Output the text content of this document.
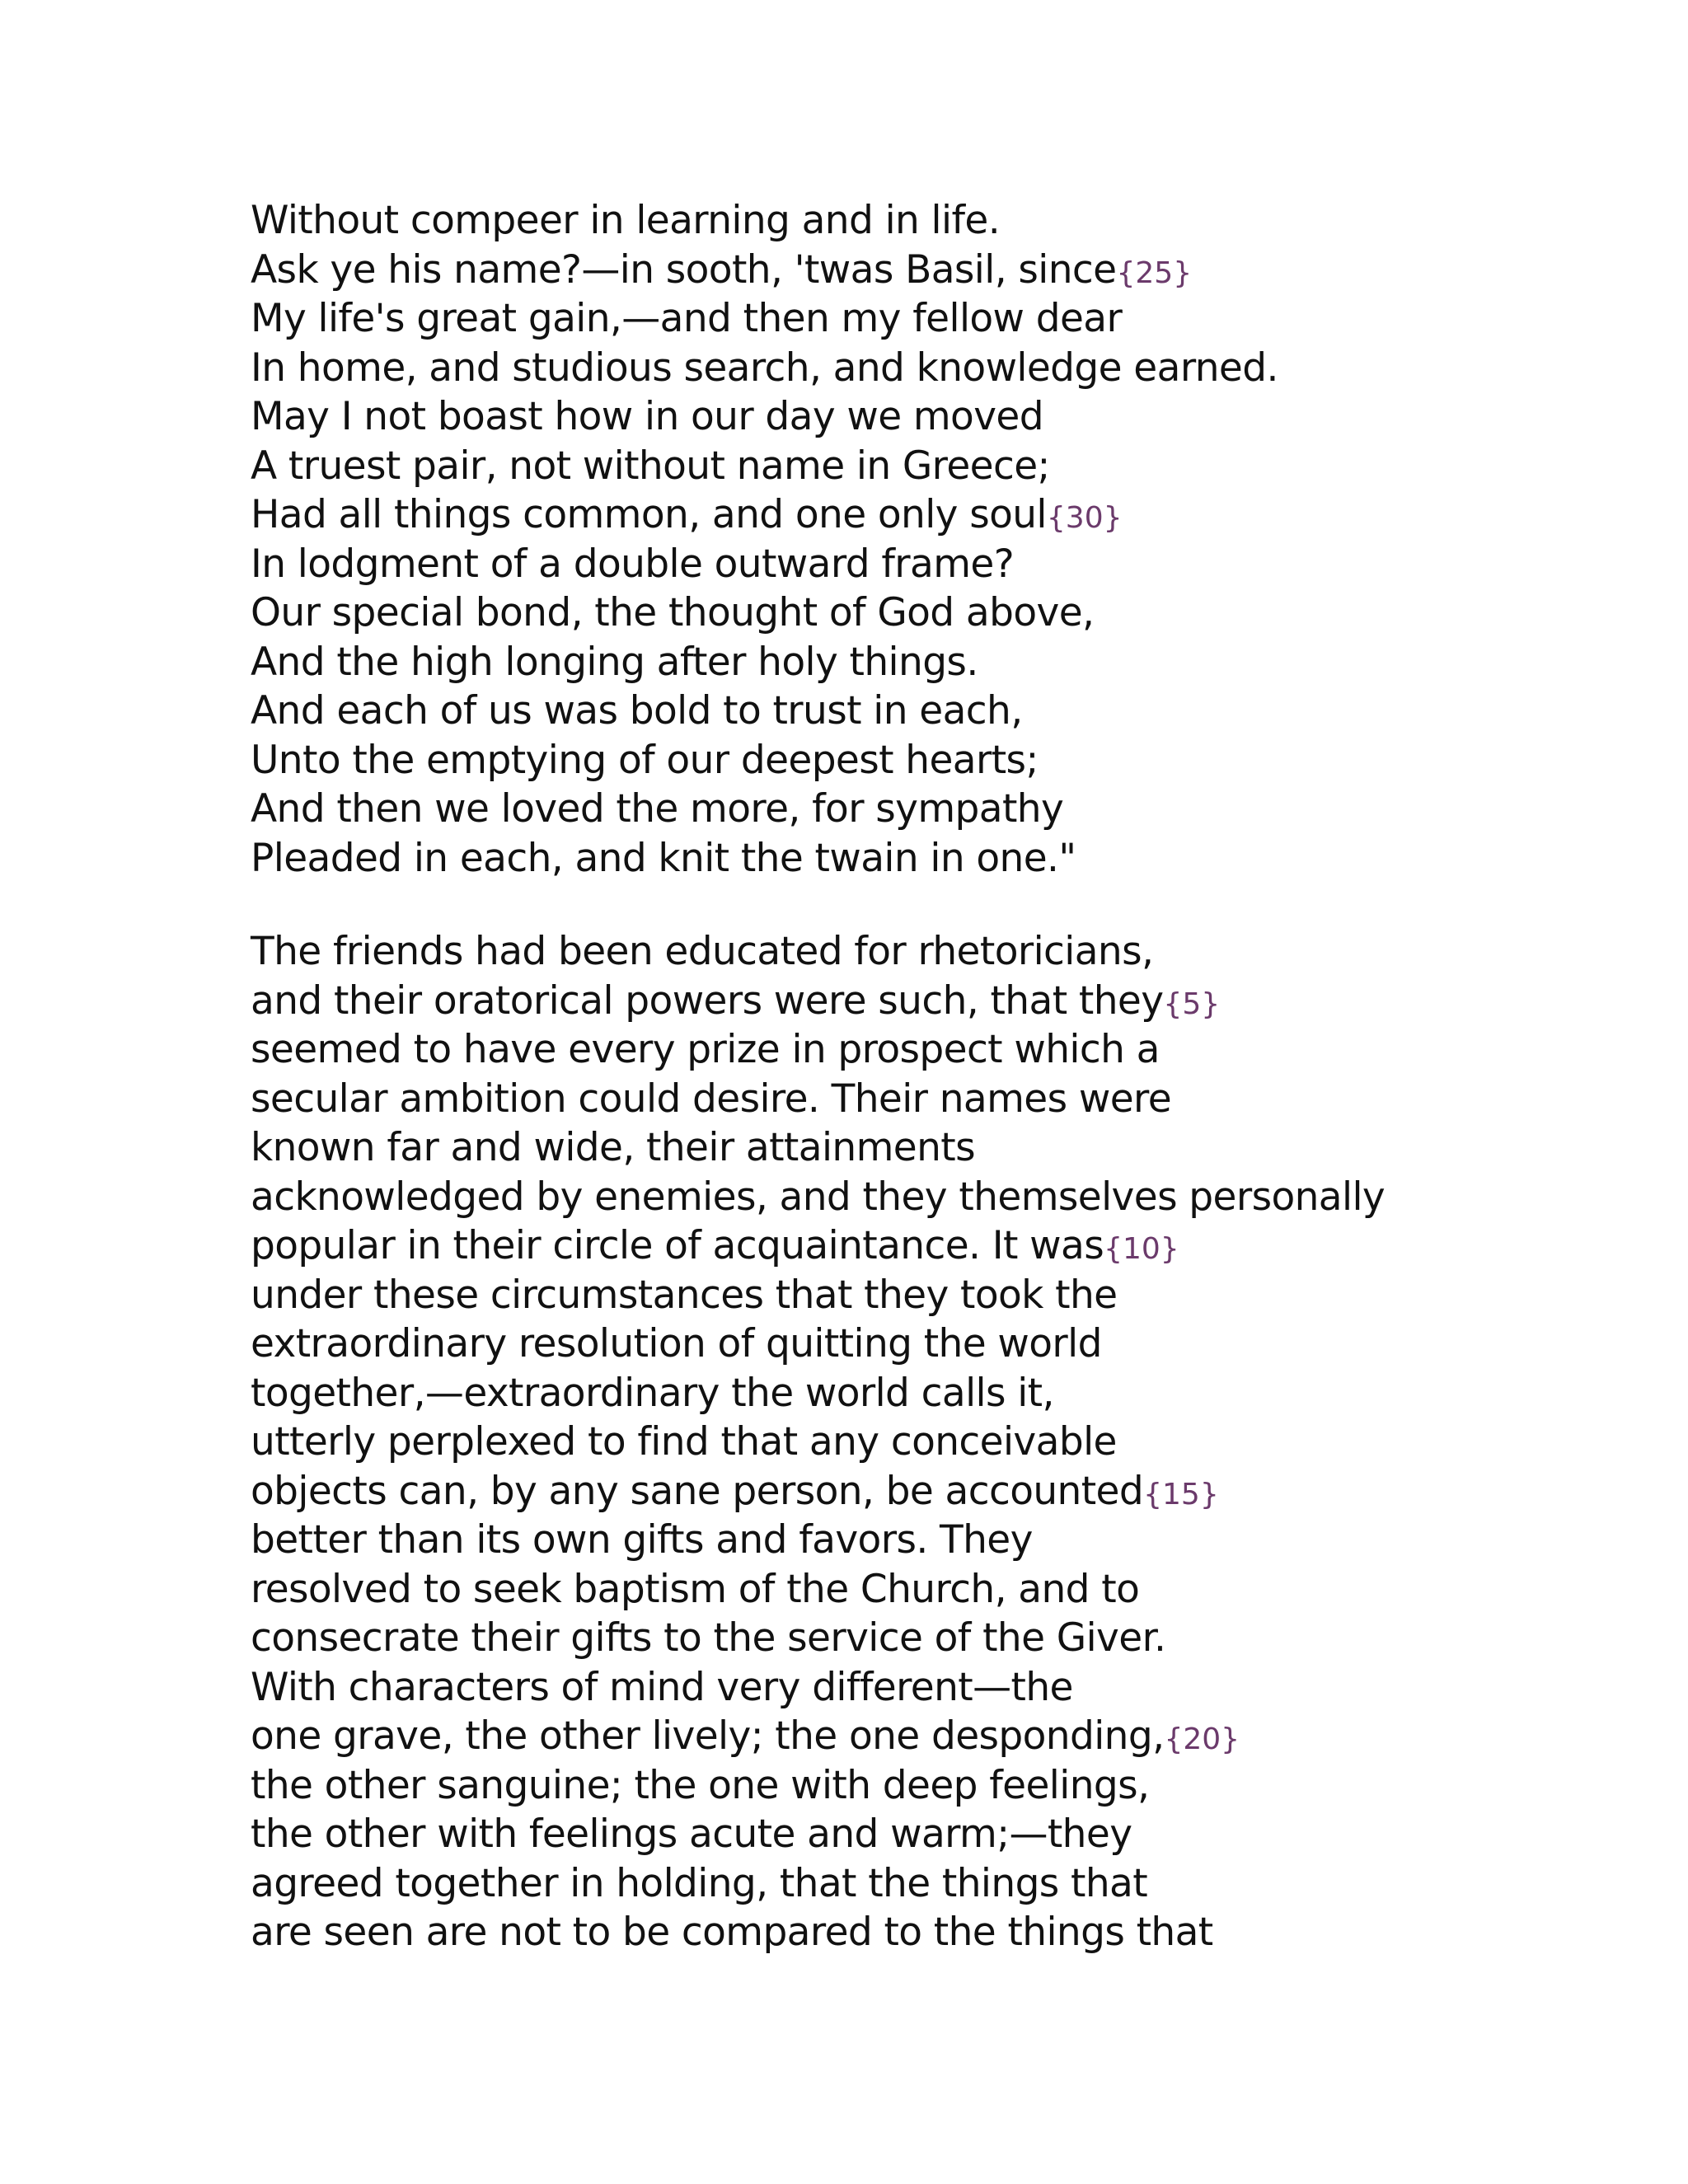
Without compeer in learning and in life.
Ask ye his name?—in sooth, 'twas Basil, since{25}
My life's great gain,—and then my fellow dear
In home, and studious search, and knowledge earned.
May I not boast how in our day we moved
A truest pair, not without name in Greece;
Had all things common, and one only soul{30}
In lodgment of a double outward frame?
Our special bond, the thought of God above,
And the high longing after holy things.
And each of us was bold to trust in each,
Unto the emptying of our deepest hearts;
And then we loved the more, for sympathy
Pleaded in each, and knit the twain in one."
The friends had been educated for rhetoricians,
and their oratorical powers were such, that they{5}
seemed to have every prize in prospect which a
secular ambition could desire. Their names were
known far and wide, their attainments
acknowledged by enemies, and they themselves personally
popular in their circle of acquaintance. It was{10}
under these circumstances that they took the
extraordinary resolution of quitting the world
together,—extraordinary the world calls it,
utterly perplexed to find that any conceivable
objects can, by any sane person, be accounted{15}
better than its own gifts and favors. They
resolved to seek baptism of the Church, and to
consecrate their gifts to the service of the Giver.
With characters of mind very different—the
one grave, the other lively; the one desponding,{20}
the other sanguine; the one with deep feelings,
the other with feelings acute and warm;—they
agreed together in holding, that the things that
are seen are not to be compared to the things that
